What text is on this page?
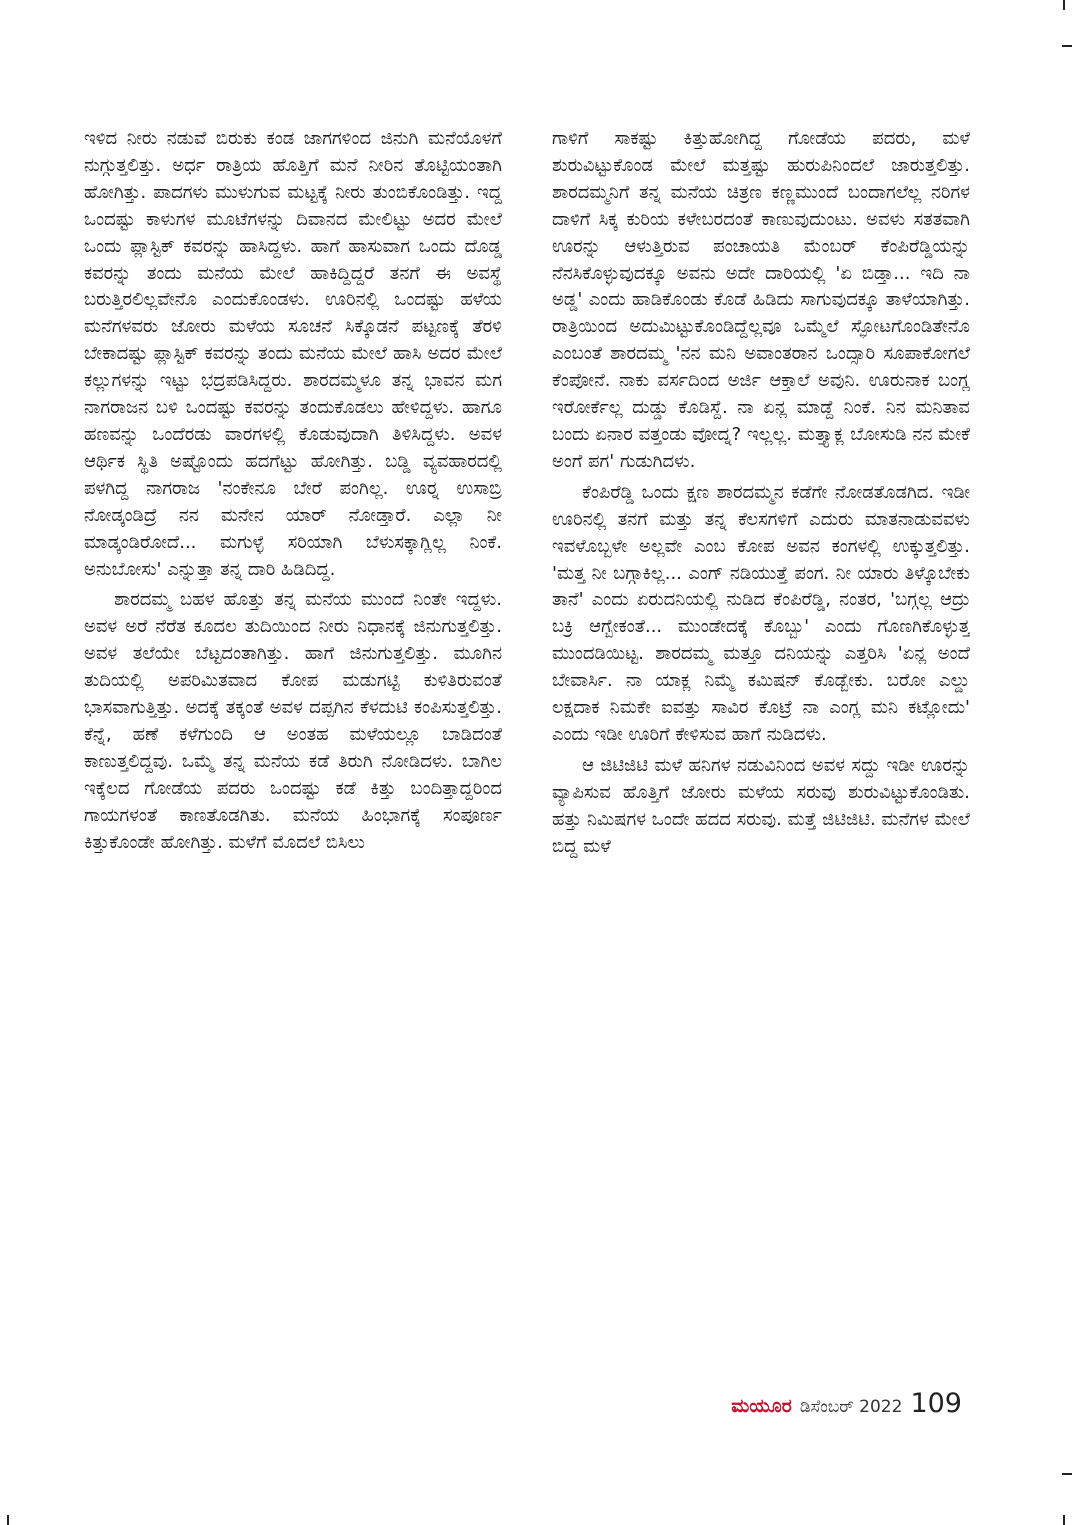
ಇಳಿದ ನೀರು ನಡುವೆ ಬಿರುಕು ಕಂಡ ಜಾಗಗಳಿಂದ ಜಿನುಗಿ ಮನೆಯೊಳಗೆ ನುಗ್ಗುತ್ತಲಿತ್ತು. ಅರ್ಧ ರಾತ್ರಿಯ ಹೊತ್ತಿಗೆ ಮನೆ ನೀರಿನ ತೊಟ್ಟಿಯಂತಾಗಿ ಹೋಗಿತ್ತು. ಪಾದಗಳು ಮುಳುಗುವ ಮಟ್ಟಕ್ಕೆ ನೀರು ತುಂಬಿಕೊಂಡಿತ್ತು. ಇದ್ದ ಒಂದಷ್ಟು ಕಾಳುಗಳ ಮೂಟೆಗಳನ್ನು ದಿವಾನದ ಮೇಲಿಟ್ಟು ಅದರ ಮೇಲೆ ಒಂದು ಪ್ಲಾಸ್ಟಿಕ್ ಕವರನ್ನು ಹಾಸಿದ್ದಳು. ಹಾಗೆ ಹಾಸುವಾಗ ಒಂದು ದೊಡ್ಡ ಕವರನ್ನು ತಂದು ಮನೆಯ ಮೇಲೆ ಹಾಕಿದ್ದಿದ್ದರೆ ತನಗೆ ಈ ಅವಸ್ಥೆ ಬರುತ್ತಿರಲಿಲ್ಲವೇನೊ ಎಂದುಕೊಂಡಳು. ಊರಿನಲ್ಲಿ ಒಂದಷ್ಟು ಹಳೆಯ ಮನೆಗಳವರು ಜೋರು ಮಳೆಯ ಸೂಚನೆ ಸಿಕ್ಕೊಡನೆ ಪಟ್ಟಣಕ್ಕೆ ತೆರಳಿ ಬೇಕಾದಷ್ಟು ಪ್ಲಾಸ್ಟಿಕ್ ಕವರನ್ನು ತಂದು ಮನೆಯ ಮೇಲೆ ಹಾಸಿ ಅದರ ಮೇಲೆ ಕಲ್ಲುಗಳನ್ನು ಇಟ್ಟು ಭದ್ರಪಡಿಸಿದ್ದರು. ಶಾರದಮ್ಮಳೂ ತನ್ನ ಭಾವನ ಮಗ ನಾಗರಾಜನ ಬಳಿ ಒಂದಷ್ಟು ಕವರನ್ನು ತಂದುಕೊಡಲು ಹೇಳಿದ್ದಳು. ಹಾಗೂ ಹಣವನ್ನು ಒಂದೆರಡು ವಾರಗಳಲ್ಲಿ ಕೊಡುವುದಾಗಿ ತಿಳಿಸಿದ್ದಳು. ಅವಳ ಆರ್ಥಿಕ ಸ್ಥಿತಿ ಅಷ್ಟೊಂದು ಹದಗೆಟ್ಟು ಹೋಗಿತ್ತು. ಬಡ್ಡಿ ವ್ಯವಹಾರದಲ್ಲಿ ಪಳಗಿದ್ದ ನಾಗರಾಜ 'ನಂಕೇನೂ ಬೇರೆ ಪಂಗಿಲ್ಲ. ಊರ್‍ನ ಉಸಾಬ್ರಿ ನೋಡ್ಕಂಡಿದ್ರೆ ನನ ಮನೇನ ಯಾರ್ ನೋಡ್ತಾರೆ. ಎಲ್ಲಾ ನೀ ಮಾಡ್ಕಂಡಿರೋದೆ... ಮಗುಳ್ಳೆ ಸರಿಯಾಗಿ ಬೆಳುಸಕ್ಕಾಗ್ಲಿಲ್ಲ ನಿಂಕೆ. ಅನುಬೋಸು' ಎನ್ನುತ್ತಾ ತನ್ನ ದಾರಿ ಹಿಡಿದಿದ್ದ.

ಶಾರದಮ್ಮ ಬಹಳ ಹೊತ್ತು ತನ್ನ ಮನೆಯ ಮುಂದೆ ನಿಂತೇ ಇದ್ದಳು. ಅವಳ ಅರೆ ನೆರೆತ ಕೂದಲ ತುದಿಯಿಂದ ನೀರು ನಿಧಾನಕ್ಕೆ ಜಿನುಗುತ್ತಲಿತ್ತು. ಅವಳ ತಲೆಯೇ ಬೆಟ್ಟದಂತಾಗಿತ್ತು. ಹಾಗೆ ಜಿನುಗುತ್ತಲಿತ್ತು. ಮೂಗಿನ ತುದಿಯಲ್ಲಿ ಅಪರಿಮಿತವಾದ ಕೋಪ ಮಡುಗಟ್ಟಿ ಕುಳಿತಿರುವಂತೆ ಭಾಸವಾಗುತ್ತಿತ್ತು. ಅದಕ್ಕೆ ತಕ್ಕಂತೆ ಅವಳ ದಪ್ಪಗಿನ ಕೆಳದುಟಿ ಕಂಪಿಸುತ್ತಲಿತ್ತು. ಕೆನ್ನೆ, ಹಣೆ ಕಳೆಗುಂದಿ ಆ ಅಂತಹ ಮಳೆಯಲ್ಲೂ ಬಾಡಿದಂತೆ ಕಾಣುತ್ತಲಿದ್ದವು. ಒಮ್ಮೆ ತನ್ನ ಮನೆಯ ಕಡೆ ತಿರುಗಿ ನೋಡಿದಳು. ಬಾಗಿಲ ಇಕ್ಕೆಲದ ಗೋಡೆಯ ಪದರು ಒಂದಷ್ಟು ಕಡೆ ಕಿತ್ತು ಬಂದಿತ್ತಾದ್ದರಿಂದ ಗಾಯಗಳಂತೆ ಕಾಣತೊಡಗಿತು. ಮನೆಯ ಹಿಂಭಾಗಕ್ಕೆ ಸಂಪೂರ್ಣ ಕಿತ್ತುಕೊಂಡೇ ಹೋಗಿತ್ತು. ಮಳೆಗೆ ಮೊದಲೆ ಬಿಸಿಲು

ಗಾಳಿಗೆ ಸಾಕಷ್ಟು ಕಿತ್ತುಹೋಗಿದ್ದ ಗೋಡೆಯ ಪದರು, ಮಳೆ ಶುರುವಿಟ್ಟುಕೊಂಡ ಮೇಲೆ ಮತ್ತಷ್ಟು ಹುರುಪಿನಿಂದಲೆ ಜಾರುತ್ತಲಿತ್ತು. ಶಾರದಮ್ಮನಿಗೆ ತನ್ನ ಮನೆಯ ಚಿತ್ರಣ ಕಣ್ಣಮುಂದೆ ಬಂದಾಗಲೆಲ್ಲ ನರಿಗಳ ದಾಳಿಗೆ ಸಿಕ್ಕ ಕುರಿಯ ಕಳೇಬರದಂತೆ ಕಾಣುವುದುಂಟು. ಅವಳು ಸತತವಾಗಿ ಊರನ್ನು ಆಳುತ್ತಿರುವ ಪಂಚಾಯತಿ ಮೆಂಬರ್ ಕೆಂಪಿರೆಡ್ಡಿಯನ್ನು ನೆನಸಿಕೊಳ್ಳುವುದಕ್ಕೂ ಅವನು ಅದೇ ದಾರಿಯಲ್ಲಿ 'ಏ ಬಿಡ್ತಾ... ಇದಿ ನಾ ಅಡ್ಡ' ಎಂದು ಹಾಡಿಕೊಂಡು ಕೊಡೆ ಹಿಡಿದು ಸಾಗುವುದಕ್ಕೂ ತಾಳೆಯಾಗಿತ್ತು. ರಾತ್ರಿಯಿಂದ ಅದುಮಿಟ್ಟುಕೊಂಡಿದ್ದೆಲ್ಲವೂ ಒಮ್ಮೆಲೆ ಸ್ಫೋಟಗೊಂಡಿತೇನೊ ಎಂಬಂತೆ ಶಾರದಮ್ಮ 'ನನ ಮನಿ ಅವಾಂತರಾನ ಒಂದ್ಸಾರಿ ಸೂಪಾಕೋಗಲೆ ಕೆಂಪೋನೆ. ನಾಕು ವರ್ಸದಿಂದ ಅರ್ಜಿ ಆಕ್ತಾಲೆ ಅವುನಿ. ಊರುನಾಕ ಬಂಗ್ಲ ಇರೋರ್ಕೆಲ್ಲ ದುಡ್ಡು ಕೊಡಿಸ್ದೆ. ನಾ ಏನ್ಲ ಮಾಡ್ದೆ ನಿಂಕೆ. ನಿನ ಮನಿತಾವ ಬಂದು ಏನಾರ ವತ್ತಂಡು ವೋದ್ನ? ಇಲ್ಲಲ್ಲ. ಮತ್ತ್ಯಾಕ್ಲ ಬೋಸುಡಿ ನನ ಮೇಕೆ ಅಂಗೆ ಪಗ' ಗುಡುಗಿದಳು.

ಕೆಂಪಿರೆಡ್ಡಿ ಒಂದು ಕ್ಷಣ ಶಾರದಮ್ಮನ ಕಡೆಗೇ ನೋಡತೊಡಗಿದ. ಇಡೀ ಊರಿನಲ್ಲಿ ತನಗೆ ಮತ್ತು ತನ್ನ ಕೆಲಸಗಳಿಗೆ ಎದುರು ಮಾತನಾಡುವವಳು ಇವಳೊಬ್ಬಳೇ ಅಲ್ಲವೇ ಎಂಬ ಕೋಪ ಅವನ ಕಂಗಳಲ್ಲಿ ಉಕ್ಕುತ್ತಲಿತ್ತು. 'ಮತ್ತ ನೀ ಬಗ್ಗಾಕಿಲ್ಲ... ಎಂಗ್ ನಡಿಯುತ್ತೆ ಪಂಗ. ನೀ ಯಾರು ತಿಳ್ಕೊಬೇಕು ತಾನೆ' ಎಂದು ಏರುದನಿಯಲ್ಲಿ ನುಡಿದ ಕೆಂಪಿರೆಡ್ಡಿ, ನಂತರ, 'ಬಗ್ಗಲ್ಲ ಆದ್ರು ಬಕ್ರಿ ಆಗ್ಬೇಕಂತೆ... ಮುಂಡೇದಕ್ಕೆ ಕೊಬ್ಬು' ಎಂದು ಗೊಣಗಿಕೊಳ್ಳುತ್ತ ಮುಂದಡಿಯಿಟ್ಟ. ಶಾರದಮ್ಮ ಮತ್ತೂ ದನಿಯನ್ನು ಎತ್ತರಿಸಿ 'ಏನ್ಲ ಅಂದೆ ಬೇವಾರ್ಸಿ. ನಾ ಯಾಕ್ಲ ನಿಮ್ಮೆ ಕಮಿಷನ್ ಕೊಡ್ಬೇಕು. ಬರೋ ಎಲ್ಡು ಲಕ್ಷದಾಕ ನಿಮಕೇ ಐವತ್ತು ಸಾವಿರ ಕೊಟ್ರೆ ನಾ ಎಂಗ್ಲ ಮನಿ ಕಟ್ಲೋದು' ಎಂದು ಇಡೀ ಊರಿಗೆ ಕೇಳಿಸುವ ಹಾಗೆ ನುಡಿದಳು.

ಆ ಜಿಟಿಜಿಟಿ ಮಳೆ ಹನಿಗಳ ನಡುವಿನಿಂದ ಅವಳ ಸದ್ದು ಇಡೀ ಊರನ್ನು ವ್ಯಾಪಿಸುವ ಹೊತ್ತಿಗೆ ಜೋರು ಮಳೆಯ ಸರುವು ಶುರುವಿಟ್ಟುಕೊಂಡಿತು. ಹತ್ತು ನಿಮಿಷಗಳ ಒಂದೇ ಹದದ ಸರುವು. ಮತ್ತೆ ಜಿಟಿಜಿಟಿ. ಮನೆಗಳ ಮೇಲೆ ಬಿದ್ದ ಮಳೆ

ಮಯೂರ ಡಿಸೆಂಬರ್ 2022 109
